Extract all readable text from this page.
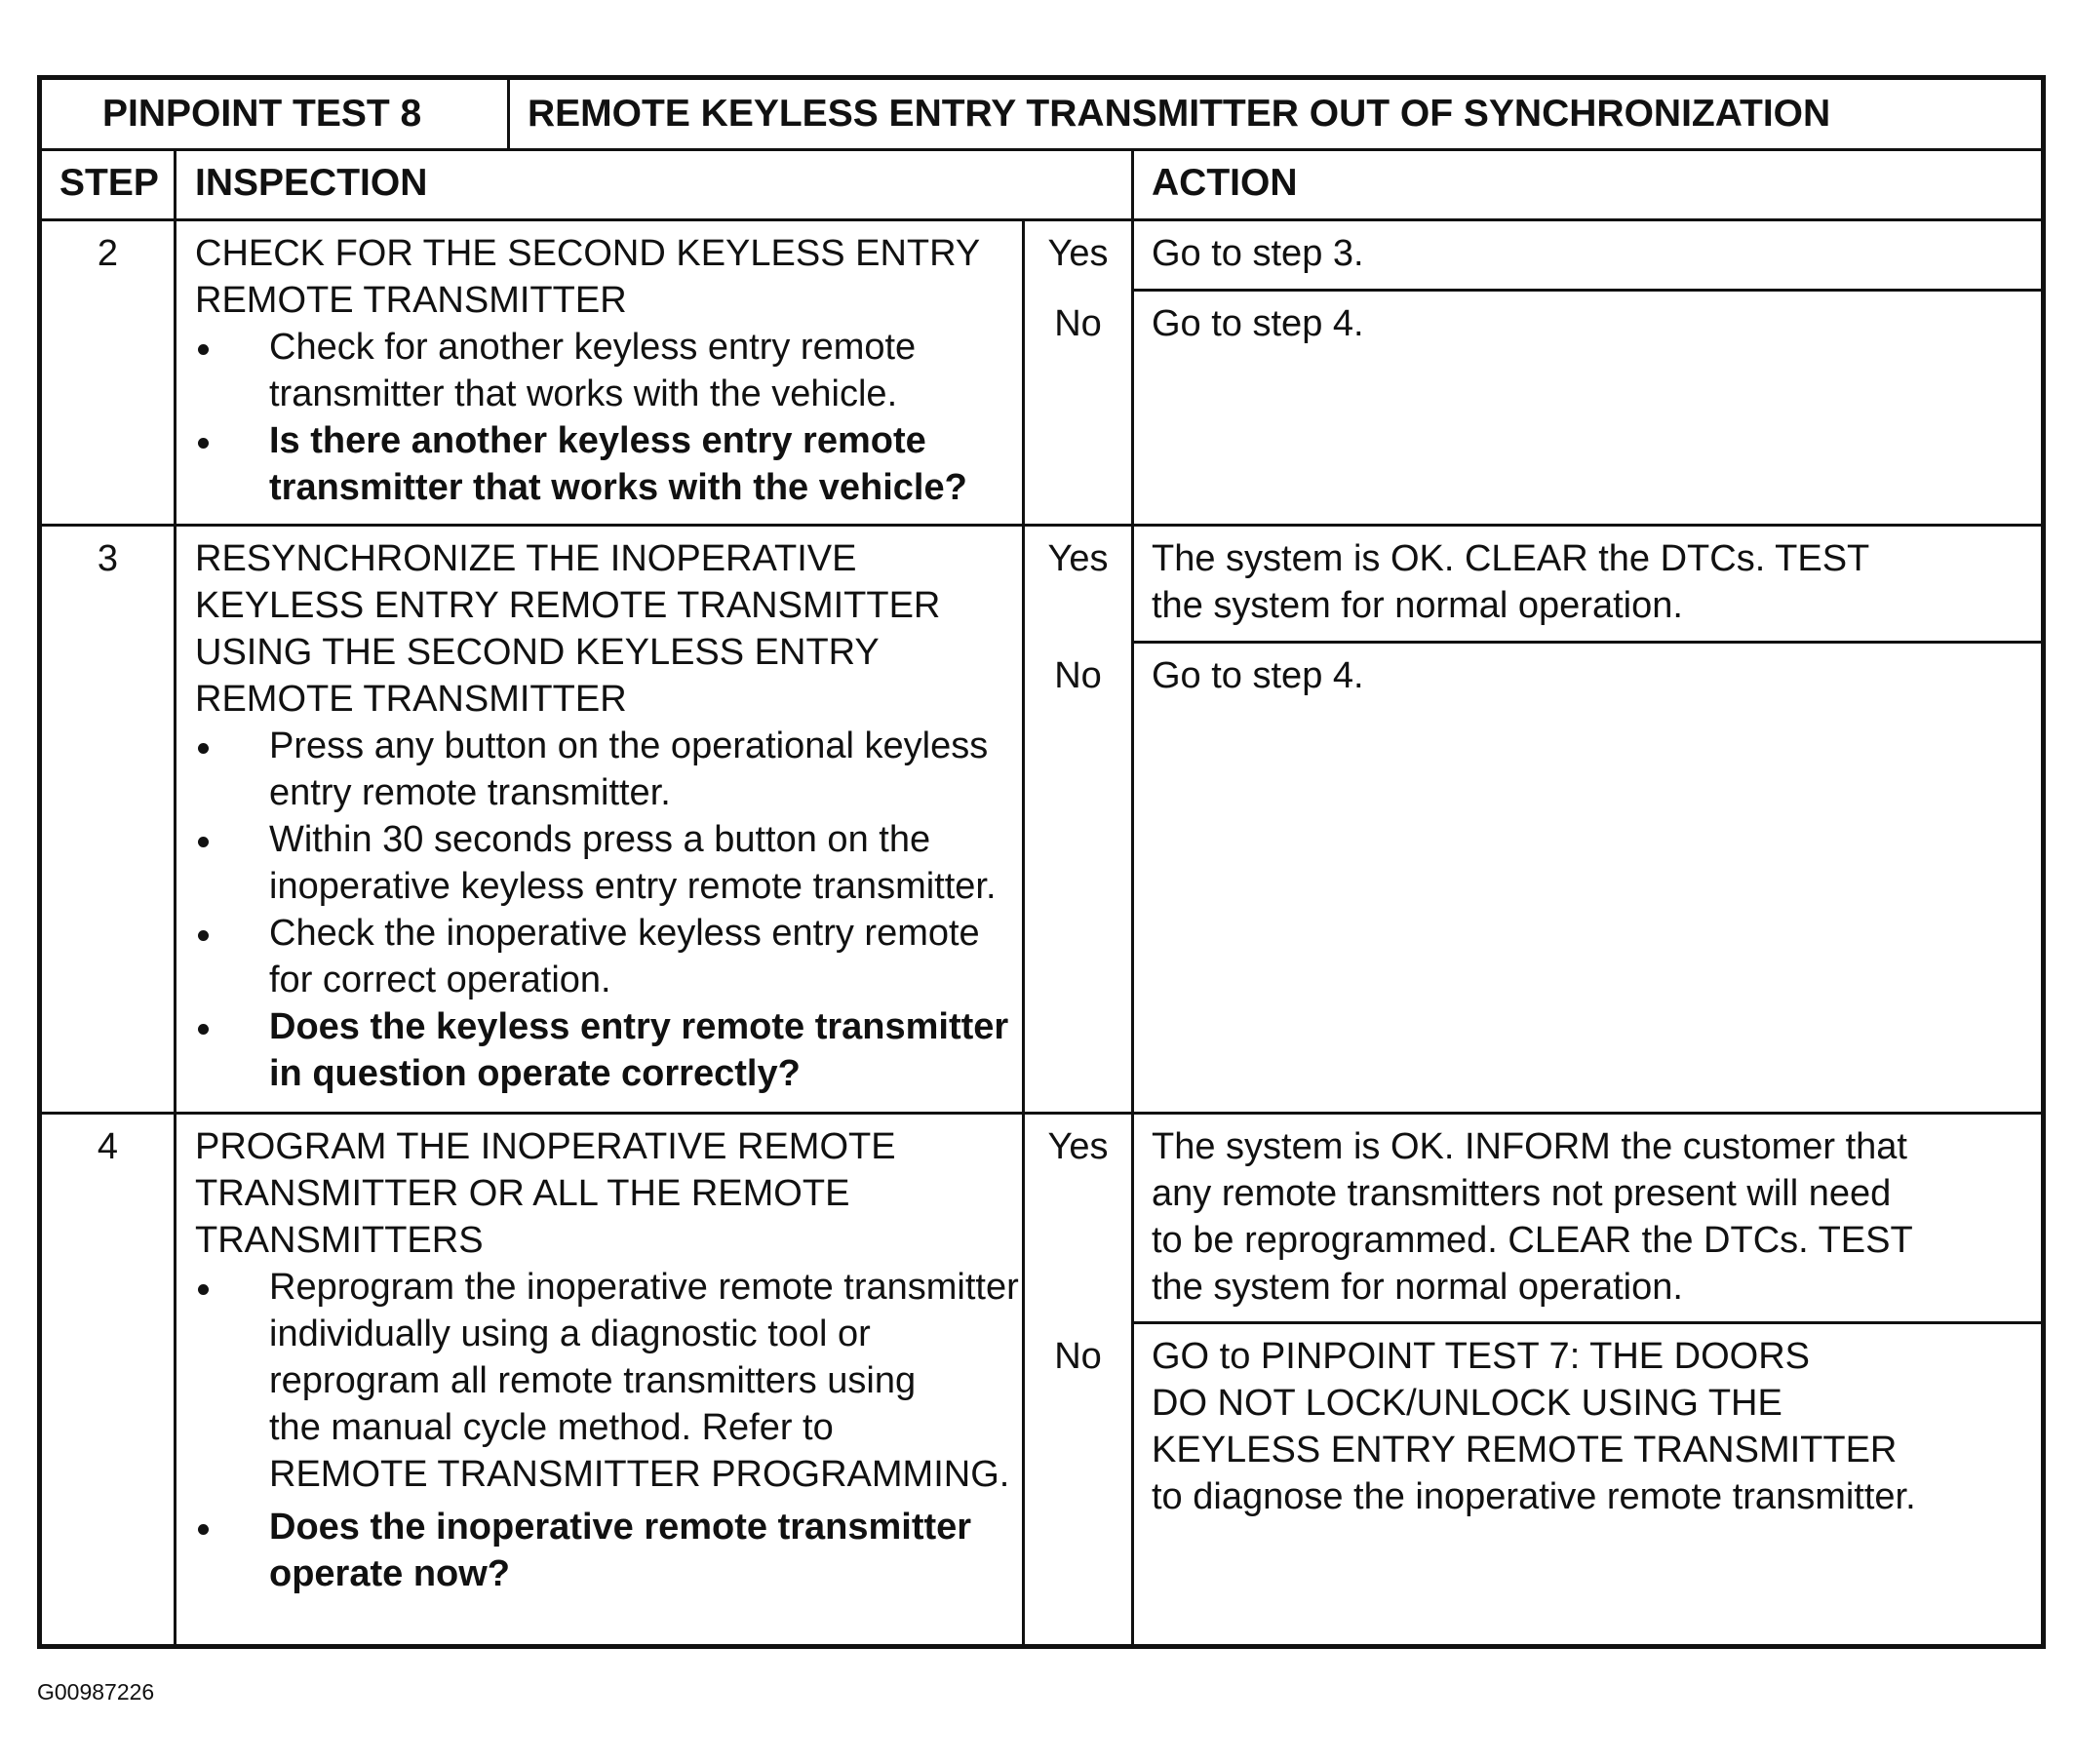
PINPOINT TEST 8	REMOTE KEYLESS ENTRY TRANSMITTER OUT OF SYNCHRONIZATION
STEP INSPECTION	ACTION
2	CHECK FOR THE SECOND KEYLESS ENTRY
REMOTE TRANSMITTER
Check for another keyless entry remote
transmitter that works with the vehicle.
Is there another keyless entry remote
transmitter that works with the vehicle?
Yes	Go to step 3.
No	Go to step 4.
3	RESYNCHRONIZE THE INOPERATIVE
KEYLESS ENTRY REMOTE TRANSMITTER
USING THE SECOND KEYLESS ENTRY
REMOTE TRANSMITTER
Press any button on the operational keyless
entry remote transmitter.
Within 30 seconds press a button on the
inoperative keyless entry remote transmitter.
Check the inoperative keyless entry remote
for correct operation.
Does the keyless entry remote transmitter
in question operate correctly?
Yes	The system is OK. CLEAR the DTCs. TEST
the system for normal operation.
No	Go to step 4.
4	PROGRAM THE INOPERATIVE REMOTE
TRANSMITTER OR ALL THE REMOTE
TRANSMITTERS
Reprogram the inoperative remote transmitter
individually using a diagnostic tool or
reprogram all remote transmitters using
the manual cycle method. Refer to
REMOTE TRANSMITTER PROGRAMMING.
Does the inoperative remote transmitter
operate now?
Yes	The system is OK. INFORM the customer that
any remote transmitters not present will need
to be reprogrammed. CLEAR the DTCs. TEST
the system for normal operation.
No	GO to PINPOINT TEST 7: THE DOORS
DO NOT LOCK/UNLOCK USING THE
KEYLESS ENTRY REMOTE TRANSMITTER
to diagnose the inoperative remote transmitter.
G00987226
